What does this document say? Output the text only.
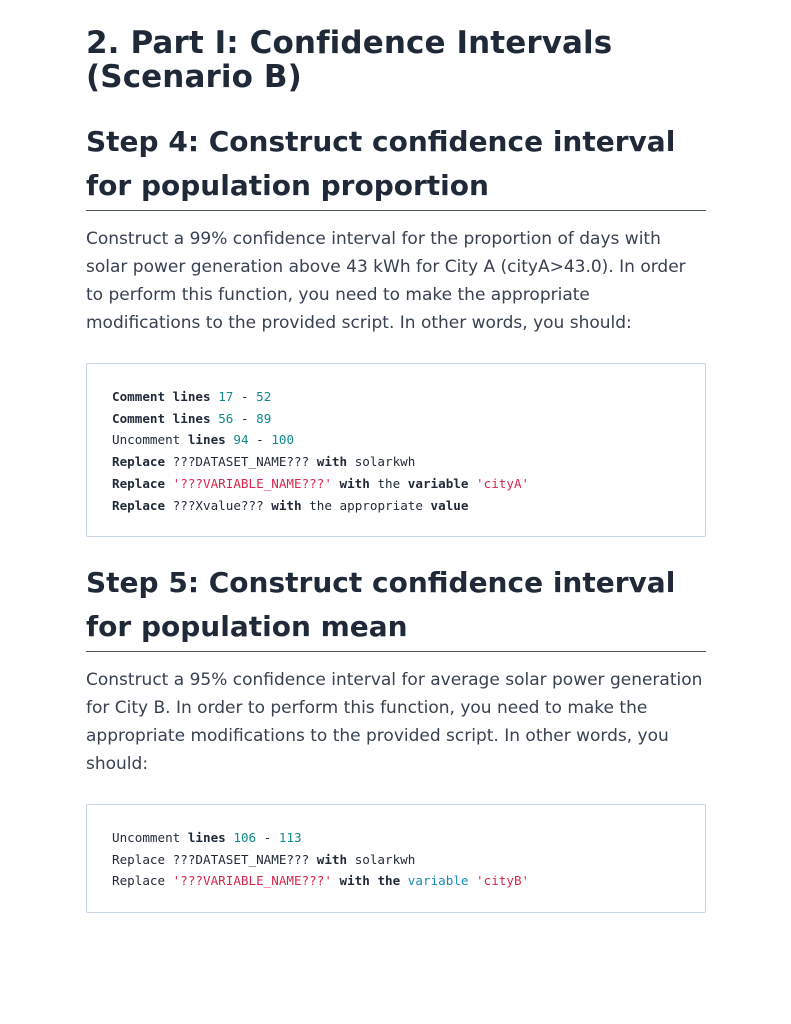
2. Part I: Confidence Intervals (Scenario B)
Step 4: Construct confidence interval for population proportion

Construct a 99% confidence interval for the proportion of days with solar power generation above 43 kWh for City A (cityA>43.0). In order to perform this function, you need to make the appropriate modifications to the provided script. In other words, you should:

Comment lines 17 - 52
Comment lines 56 - 89
Uncomment lines 94 - 100
Replace ???DATASET_NAME??? with solarkwh
Replace '???VARIABLE_NAME???' with the variable 'cityA'
Replace ???Xvalue??? with the appropriate value
Step 5: Construct confidence interval for population mean

Construct a 95% confidence interval for average solar power generation for City B. In order to perform this function, you need to make the appropriate modifications to the provided script. In other words, you should:

Uncomment lines 106 - 113
Replace ???DATASET_NAME??? with solarkwh
Replace '???VARIABLE_NAME???' with the variable 'cityB'
